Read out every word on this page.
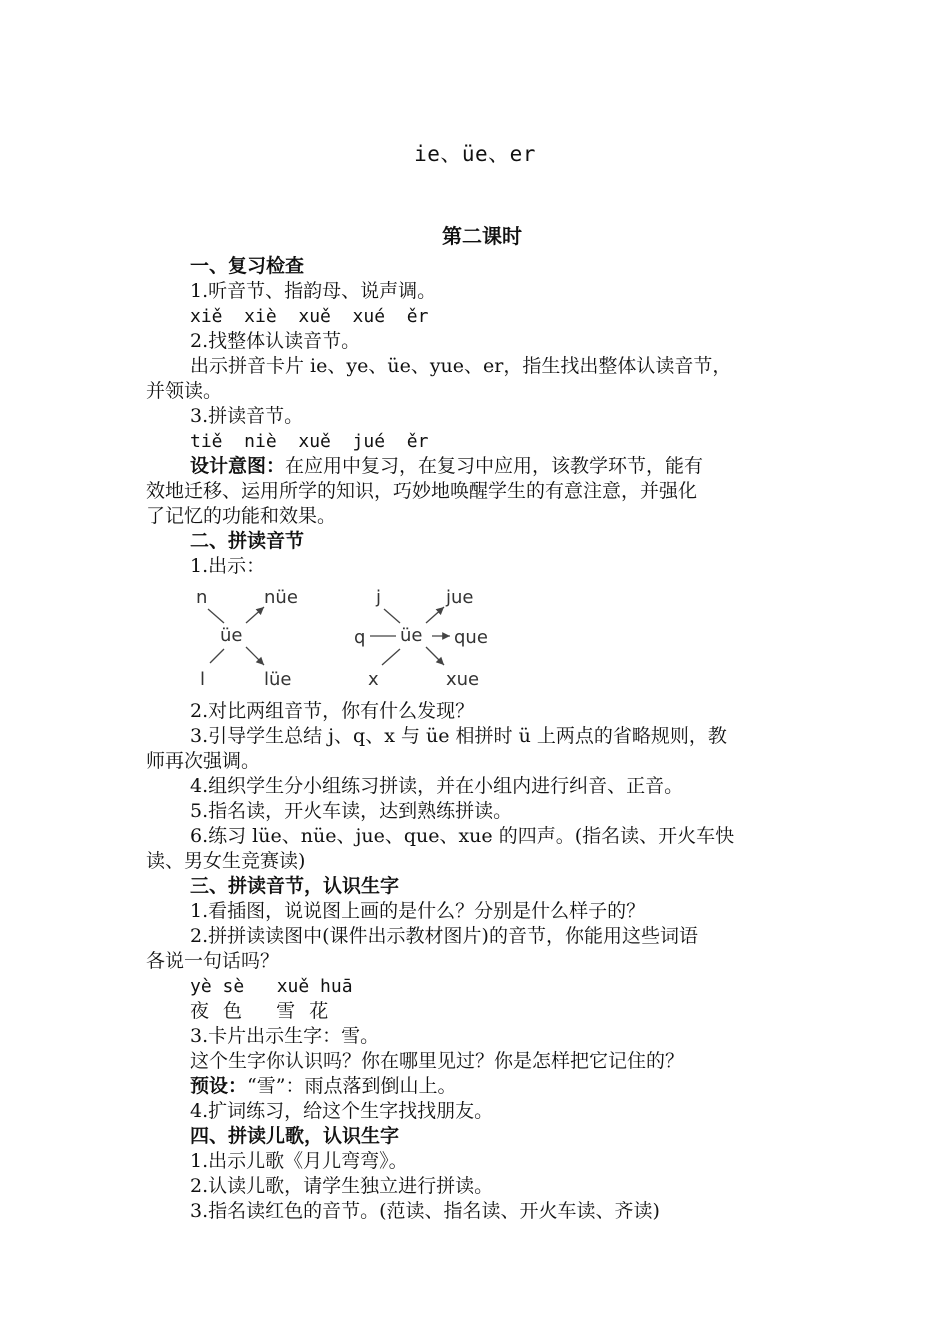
ie、üe、er
第二课时

一、复习检查

1.听音节、指韵母、说声调。

xiě  xiè  xuě  xué  ěr

2.找整体认读音节。

出示拼音卡片 ie、ye、üe、yue、er，指生找出整体认读音节，

并领读。

3.拼读音节。

tiě  niè  xuě  jué  ěr

设计意图：在应用中复习，在复习中应用，该教学环节，能有

效地迁移、运用所学的知识，巧妙地唤醒学生的有意注意，并强化

了记忆的功能和效果。

二、拼读音节

1.出示：

n	nüe
üe
l	lüe
j	jue
q üe que
x	xue

2.对比两组音节，你有什么发现？

3.引导学生总结 j、q、x 与 üe 相拼时 ü 上两点的省略规则，教

师再次强调。

4.组织学生分小组练习拼读，并在小组内进行纠音、正音。

5.指名读，开火车读，达到熟练拼读。

6.练习 lüe、nüe、jue、que、xue 的四声。(指名读、开火车快

读、男女生竞赛读)

三、拼读音节，认识生字

1.看插图，说说图上画的是什么？分别是什么样子的？

2.拼拼读读图中(课件出示教材图片)的音节，你能用这些词语

各说一句话吗？

yè sè   xuě huā

夜 色   雪 花

3.卡片出示生字：雪。

这个生字你认识吗？你在哪里见过？你是怎样把它记住的？

预设：“雪”：雨点落到倒山上。

4.扩词练习，给这个生字找找朋友。

四、拼读儿歌，认识生字

1.出示儿歌《月儿弯弯》。

2.认读儿歌，请学生独立进行拼读。

3.指名读红色的音节。(范读、指名读、开火车读、齐读)
